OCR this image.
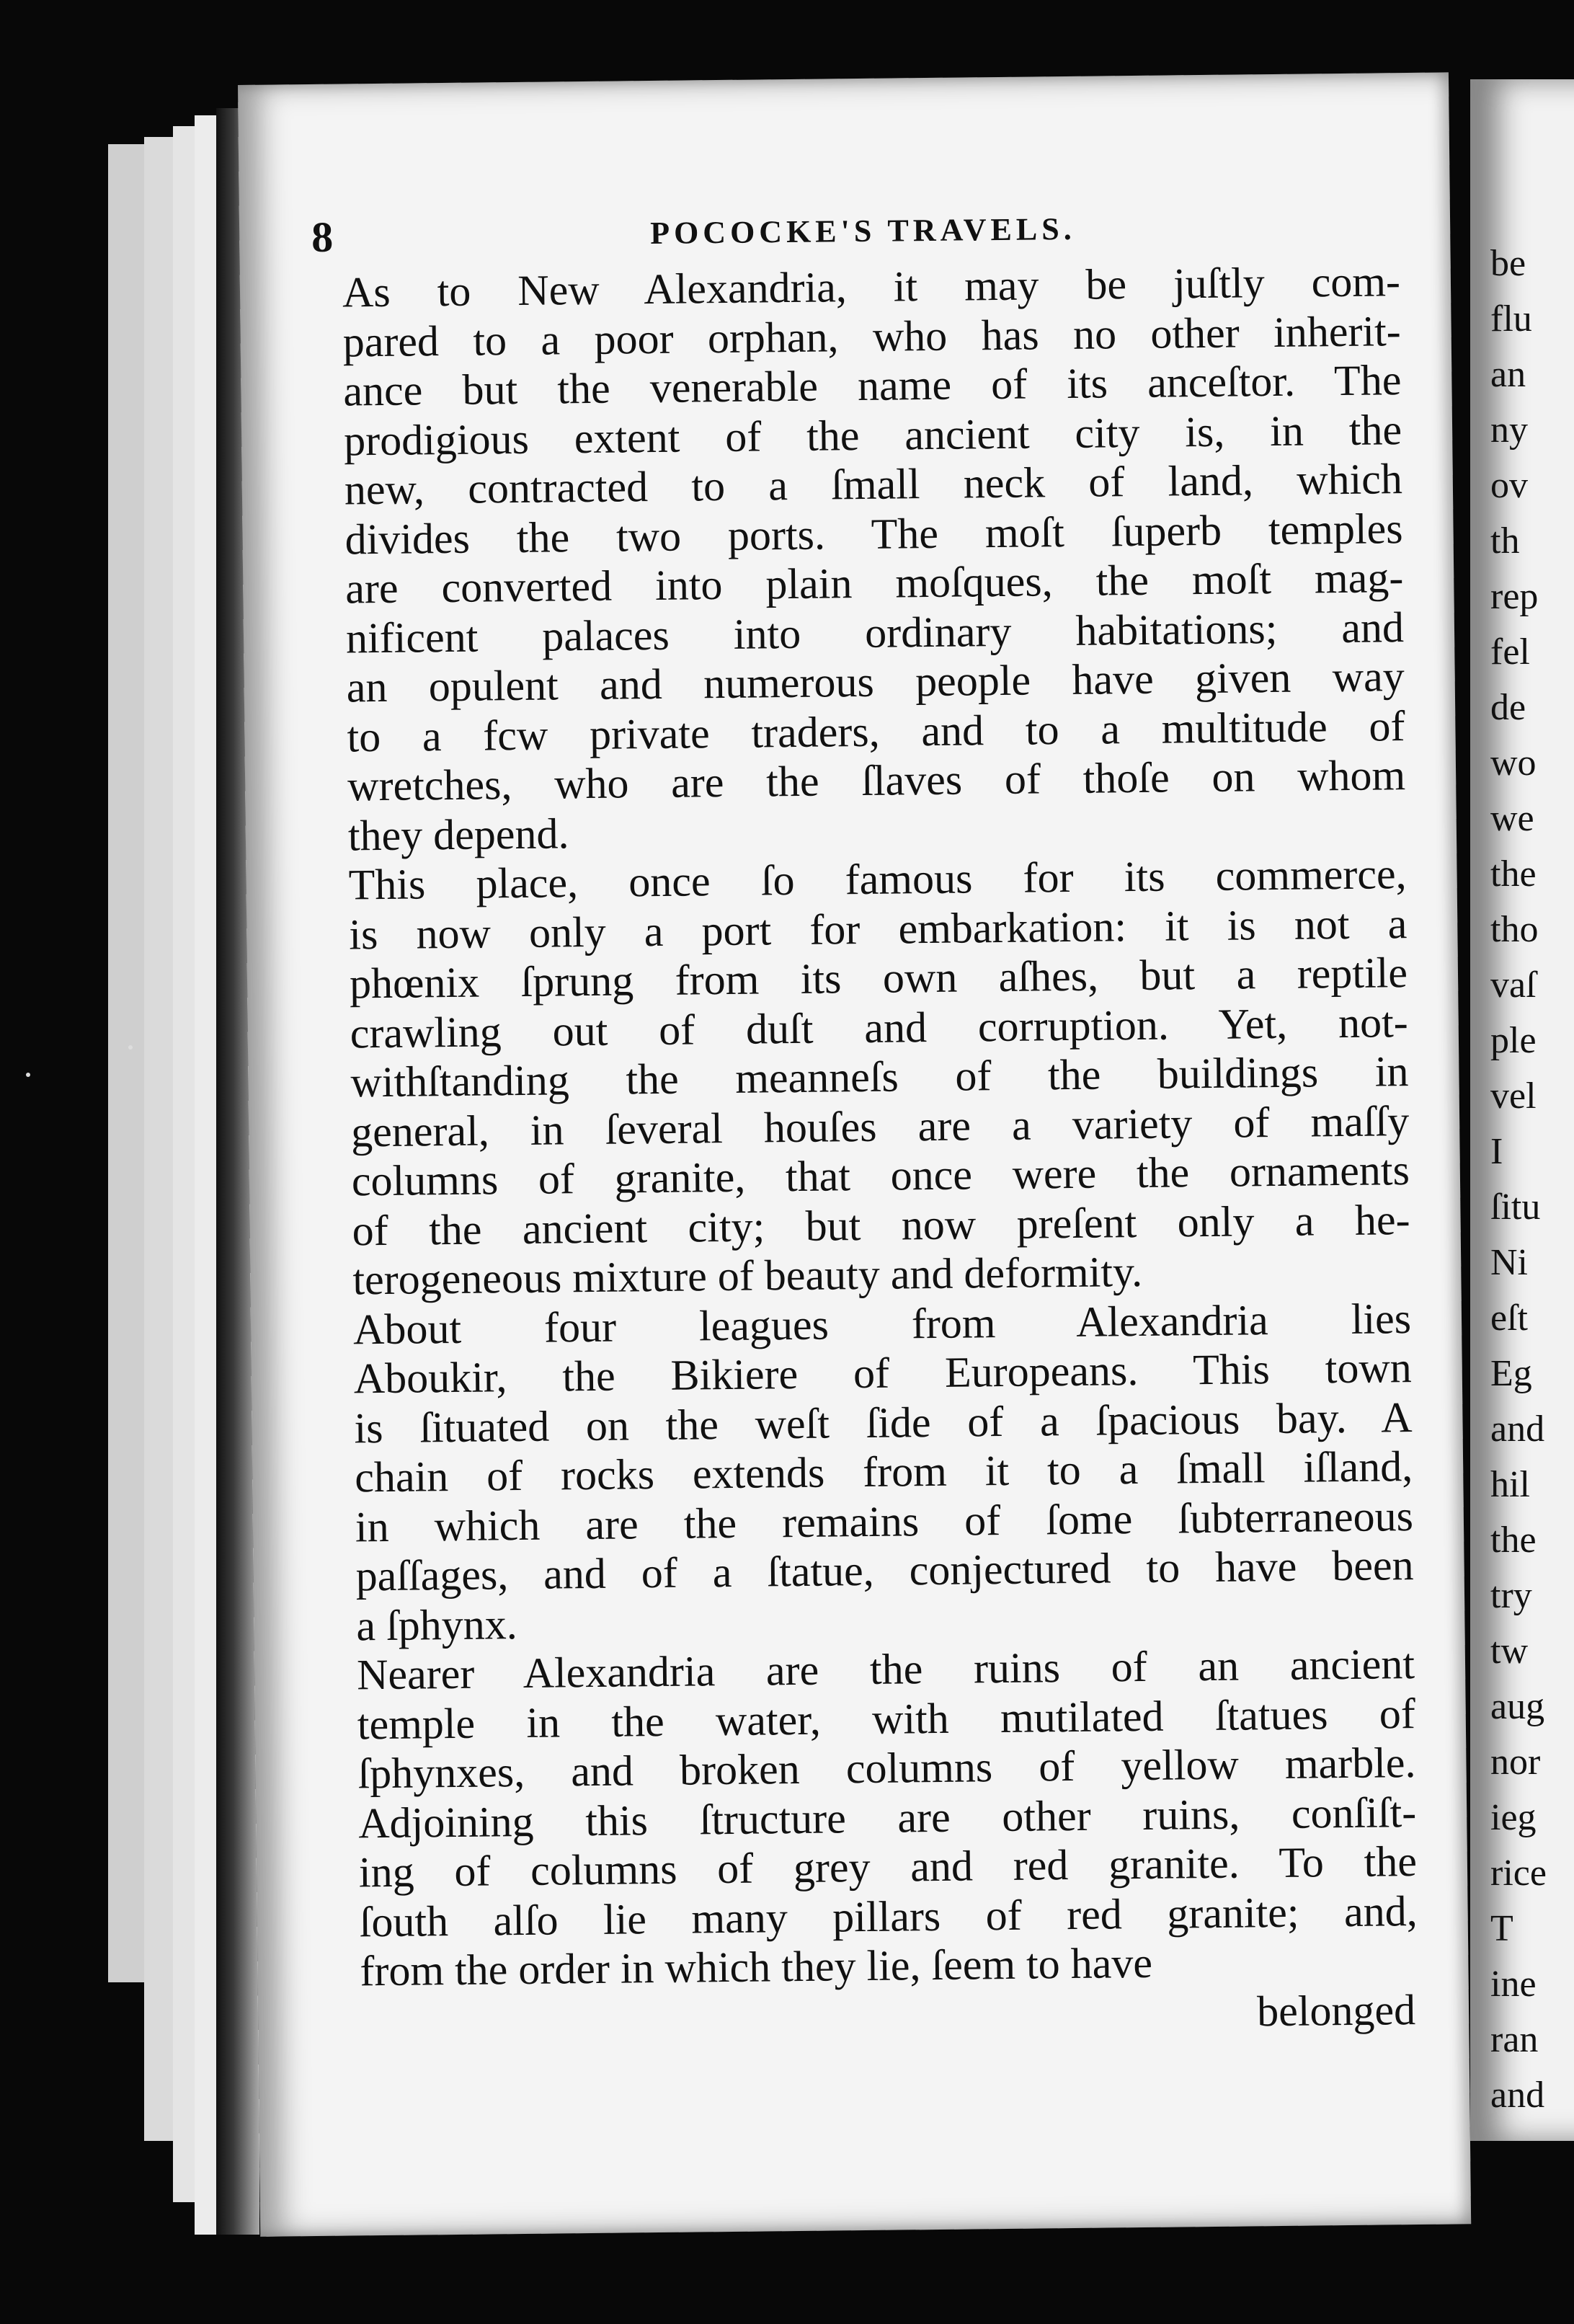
be
flu
an
ny
ov
th
rep
fel
de
wo
we
the
tho
vaſ
ple
vel
I
ſitu
Ni
eſt
Eg
and
hil
the
try
tw
aug
nor
ieg
rice
T
ine
ran
and
8	POCOCKE'S TRAVELS.
As to New Alexandria, it may be juſtly com-
pared to a poor orphan, who has no other inherit-
ance but the venerable name of its anceſtor. The
prodigious extent of the ancient city is, in the
new, contracted to a ſmall neck of land, which
divides the two ports. The moſt ſuperb temples
are converted into plain moſques, the moſt mag-
nificent palaces into ordinary habitations; and
an opulent and numerous people have given way
to a fcw private traders, and to a multitude of
wretches, who are the ſlaves of thoſe on whom
they depend.
This place, once ſo famous for its commerce,
is now only a port for embarkation: it is not a
phœnix ſprung from its own aſhes, but a reptile
crawling out of duſt and corruption. Yet, not-
withſtanding the meanneſs of the buildings in
general, in ſeveral houſes are a variety of maſſy
columns of granite, that once were the ornaments
of the ancient city; but now preſent only a he-
terogeneous mixture of beauty and deformity.
About four leagues from Alexandria lies
Aboukir, the Bikiere of Europeans. This town
is ſituated on the weſt ſide of a ſpacious bay. A
chain of rocks extends from it to a ſmall iſland,
in which are the remains of ſome ſubterraneous
paſſages, and of a ſtatue, conjectured to have been
a ſphynx.
Nearer Alexandria are the ruins of an ancient
temple in the water, with mutilated ſtatues of
ſphynxes, and broken columns of yellow marble.
Adjoining this ſtructure are other ruins, conſiſt-
ing of columns of grey and red granite. To the
ſouth alſo lie many pillars of red granite; and,
from the order in which they lie, ſeem to have
belonged
